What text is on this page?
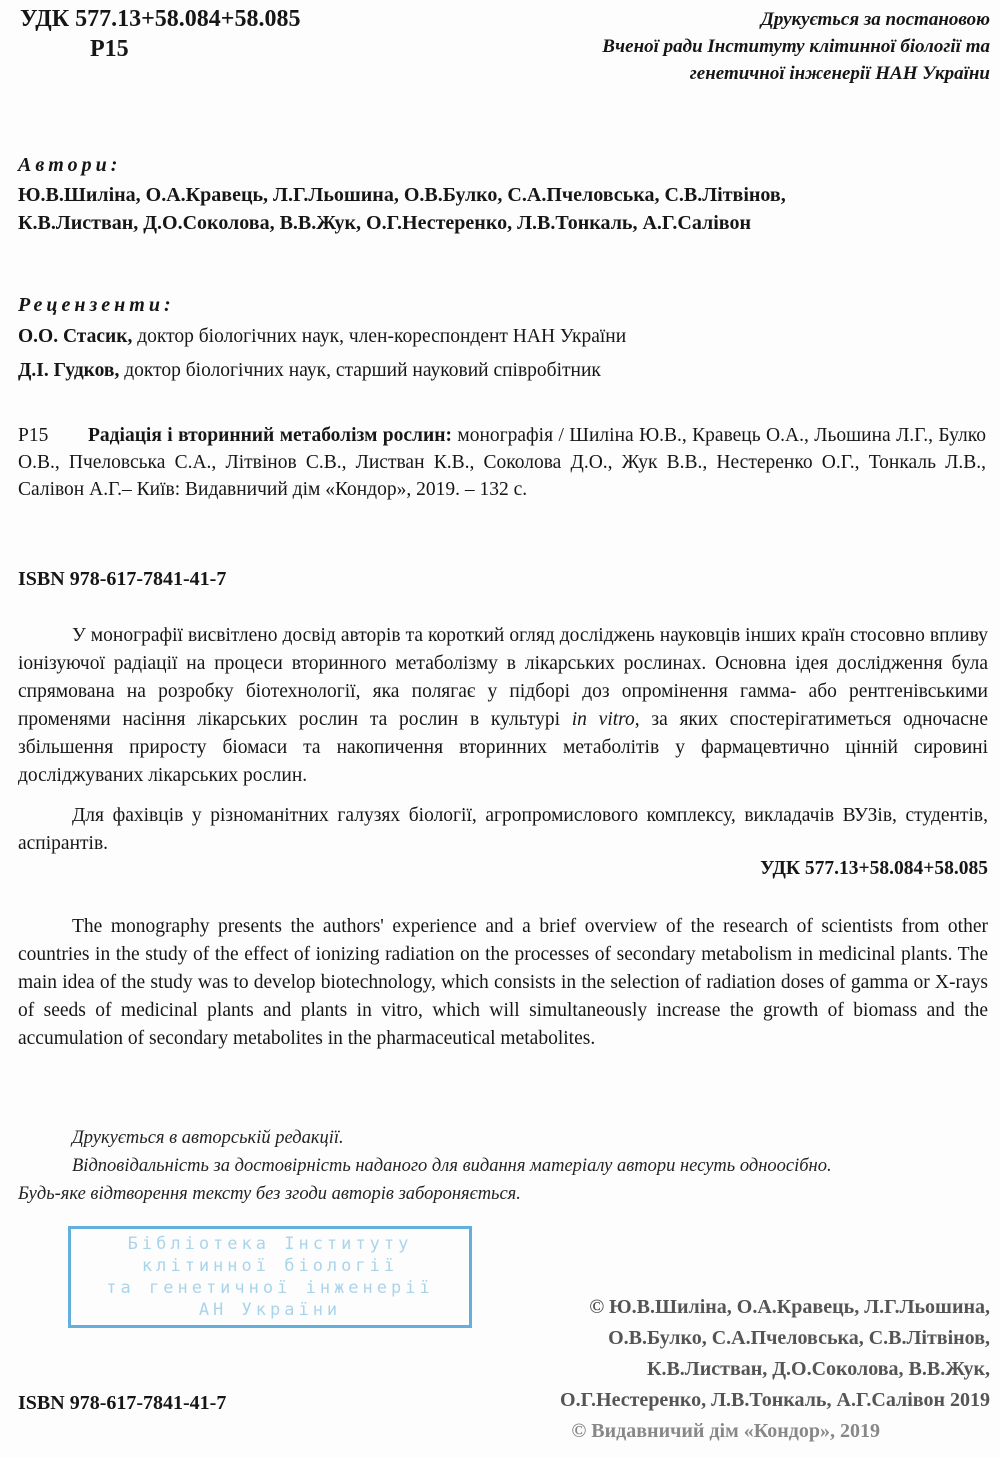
УДК 577.13+58.084+58.085
Р15
Друкується за постановою
Вченої ради Інституту клітинної біології та
генетичної інженерії НАН України
Автори:
Ю.В.Шиліна, О.А.Кравець, Л.Г.Льошина, О.В.Булко, С.А.Пчеловська, С.В.Літвінов,
К.В.Листван, Д.О.Соколова, В.В.Жук, О.Г.Нестеренко, Л.В.Тонкаль, А.Г.Салівон
Рецензенти:
О.О. Стасик, доктор біологічних наук, член-кореспондент НАН України
Д.І. Гудков, доктор біологічних наук, старший науковий співробітник
Р15 Радіація і вторинний метаболізм рослин: монографія / Шиліна Ю.В., Кравець О.А., Льошина Л.Г., Булко О.В., Пчеловська С.А., Літвінов С.В., Листван К.В., Соколова Д.О., Жук В.В., Нестеренко О.Г., Тонкаль Л.В., Салівон А.Г.– Київ: Видавничий дім «Кондор», 2019. – 132 с.
ISBN 978-617-7841-41-7
У монографії висвітлено досвід авторів та короткий огляд досліджень науковців інших країн стосовно впливу іонізуючої радіації на процеси вторинного метаболізму в лікарських рослинах. Основна ідея дослідження була спрямована на розробку біотехнології, яка полягає у підборі доз опромінення гамма- або рентгенівськими променями насіння лікарських рослин та рослин в культурі in vitro, за яких спостерігатиметься одночасне збільшення приросту біомаси та накопичення вторинних метаболітів у фармацевтично цінній сировині досліджуваних лікарських рослин.
Для фахівців у різноманітних галузях біології, агропромислового комплексу, викладачів ВУЗів, студентів, аспірантів.
УДК 577.13+58.084+58.085
The monography presents the authors' experience and a brief overview of the research of scientists from other countries in the study of the effect of ionizing radiation on the processes of secondary metabolism in medicinal plants. The main idea of the study was to develop biotechnology, which consists in the selection of radiation doses of gamma or X-rays of seeds of medicinal plants and plants in vitro, which will simultaneously increase the growth of biomass and the accumulation of secondary metabolites in the pharmaceutical metabolites.
Друкується в авторській редакції.
Відповідальність за достовірність наданого для видання матеріалу автори несуть одноосібно.
Будь-яке відтворення тексту без згоди авторів забороняється.
Бібліотека Інституту
клітинної біології
та генетичної інженерії
АН України	© Ю.В.Шиліна, О.А.Кравець, Л.Г.Льошина,
О.В.Булко, С.А.Пчеловська, С.В.Літвінов,
К.В.Листван, Д.О.Соколова, В.В.Жук,
О.Г.Нестеренко, Л.В.Тонкаль, А.Г.Салівон 2019
© Видавничий дім «Кондор», 2019
ISBN 978-617-7841-41-7
